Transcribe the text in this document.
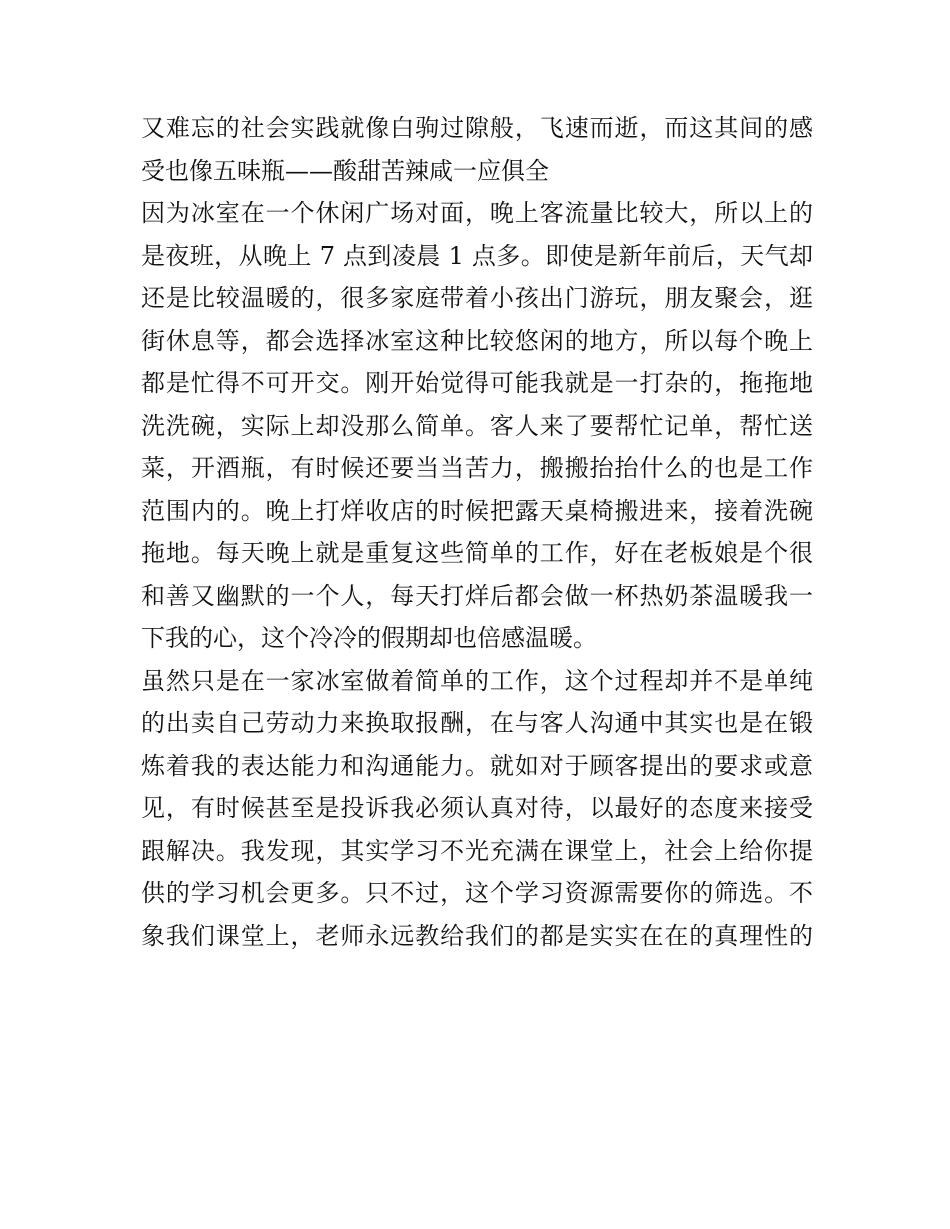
又难忘的社会实践就像白驹过隙般，飞速而逝，而这其间的感
受也像五味瓶——酸甜苦辣咸一应俱全
因为冰室在一个休闲广场对面，晚上客流量比较大，所以上的
是夜班，从晚上 7 点到凌晨 1 点多。即使是新年前后，天气却
还是比较温暖的，很多家庭带着小孩出门游玩，朋友聚会，逛
街休息等，都会选择冰室这种比较悠闲的地方，所以每个晚上
都是忙得不可开交。刚开始觉得可能我就是一打杂的，拖拖地
洗洗碗，实际上却没那么简单。客人来了要帮忙记单，帮忙送
菜，开酒瓶，有时候还要当当苦力，搬搬抬抬什么的也是工作
范围内的。晚上打烊收店的时候把露天桌椅搬进来，接着洗碗
拖地。每天晚上就是重复这些简单的工作，好在老板娘是个很
和善又幽默的一个人，每天打烊后都会做一杯热奶茶温暖我一
下我的心，这个冷冷的假期却也倍感温暖。
虽然只是在一家冰室做着简单的工作，这个过程却并不是单纯
的出卖自己劳动力来换取报酬，在与客人沟通中其实也是在锻
炼着我的表达能力和沟通能力。就如对于顾客提出的要求或意
见，有时候甚至是投诉我必须认真对待，以最好的态度来接受
跟解决。我发现，其实学习不光充满在课堂上，社会上给你提
供的学习机会更多。只不过，这个学习资源需要你的筛选。不
象我们课堂上，老师永远教给我们的都是实实在在的真理性的
